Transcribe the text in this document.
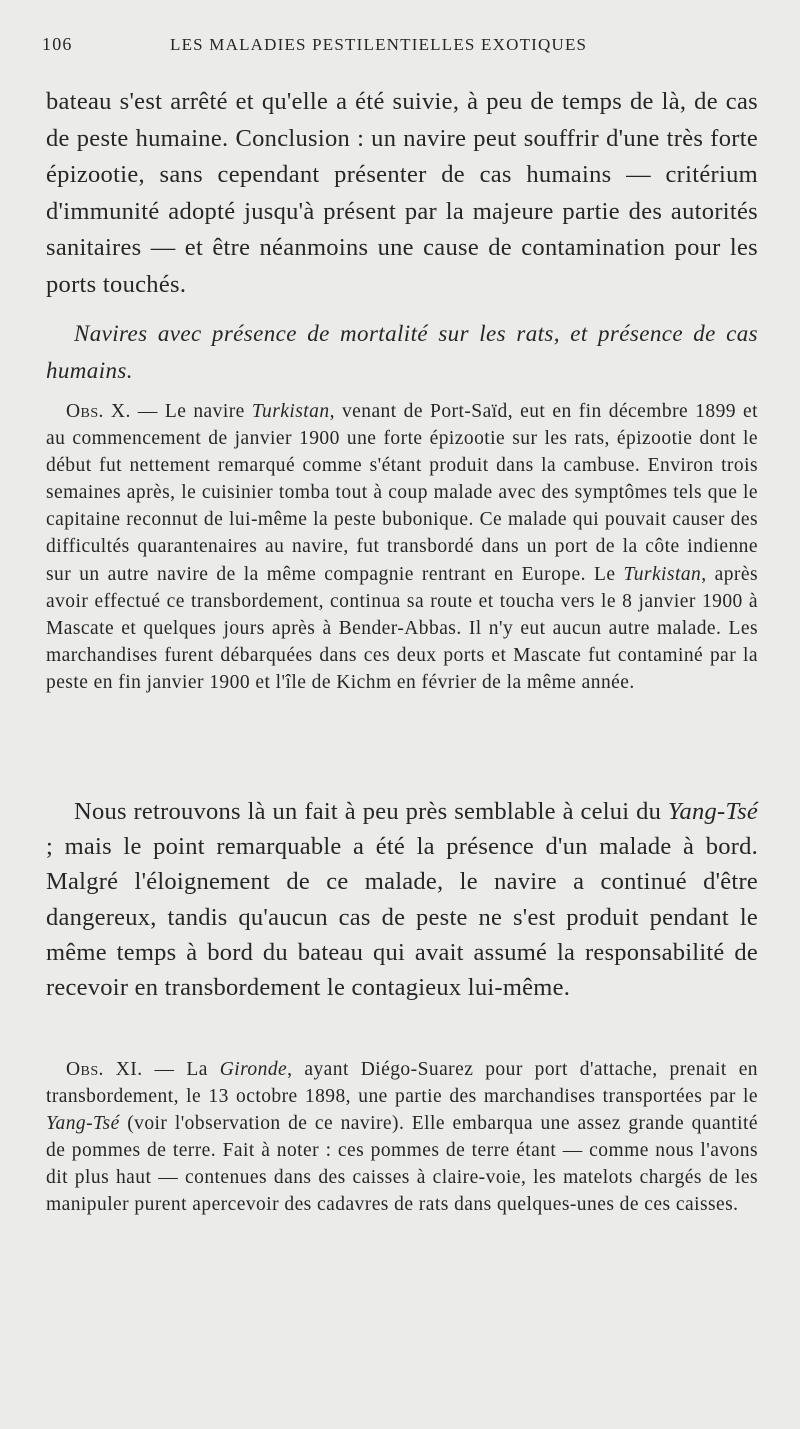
106	LES MALADIES PESTILENTIELLES EXOTIQUES

bateau s'est arrêté et qu'elle a été suivie, à peu de temps de là, de cas de peste humaine. Conclusion : un navire peut souffrir d'une très forte épizootie, sans cependant présenter de cas humains — critérium d'immunité adopté jusqu'à présent par la majeure partie des autorités sanitaires — et être néanmoins une cause de contamination pour les ports touchés.

Navires avec présence de mortalité sur les rats, et présence de cas humains.

Obs. X. — Le navire Turkistan, venant de Port-Saïd, eut en fin décembre 1899 et au commencement de janvier 1900 une forte épizootie sur les rats, épizootie dont le début fut nettement remarqué comme s'étant produit dans la cambuse. Environ trois semaines après, le cuisinier tomba tout à coup malade avec des symptômes tels que le capitaine reconnut de lui-même la peste bubonique. Ce malade qui pouvait causer des difficultés quarantenaires au navire, fut transbordé dans un port de la côte indienne sur un autre navire de la même compagnie rentrant en Europe. Le Turkistan, après avoir effectué ce transbordement, continua sa route et toucha vers le 8 janvier 1900 à Mascate et quelques jours après à Bender-Abbas. Il n'y eut aucun autre malade. Les marchandises furent débarquées dans ces deux ports et Mascate fut contaminé par la peste en fin janvier 1900 et l'île de Kichm en février de la même année.

Nous retrouvons là un fait à peu près semblable à celui du Yang-Tsé ; mais le point remarquable a été la présence d'un malade à bord. Malgré l'éloignement de ce malade, le navire a continué d'être dangereux, tandis qu'aucun cas de peste ne s'est produit pendant le même temps à bord du bateau qui avait assumé la responsabilité de recevoir en transbordement le contagieux lui-même.

Obs. XI. — La Gironde, ayant Diégo-Suarez pour port d'attache, prenait en transbordement, le 13 octobre 1898, une partie des marchandises transportées par le Yang-Tsé (voir l'observation de ce navire). Elle embarqua une assez grande quantité de pommes de terre. Fait à noter : ces pommes de terre étant — comme nous l'avons dit plus haut — contenues dans des caisses à claire-voie, les matelots chargés de les manipuler purent apercevoir des cadavres de rats dans quelques-unes de ces caisses.
